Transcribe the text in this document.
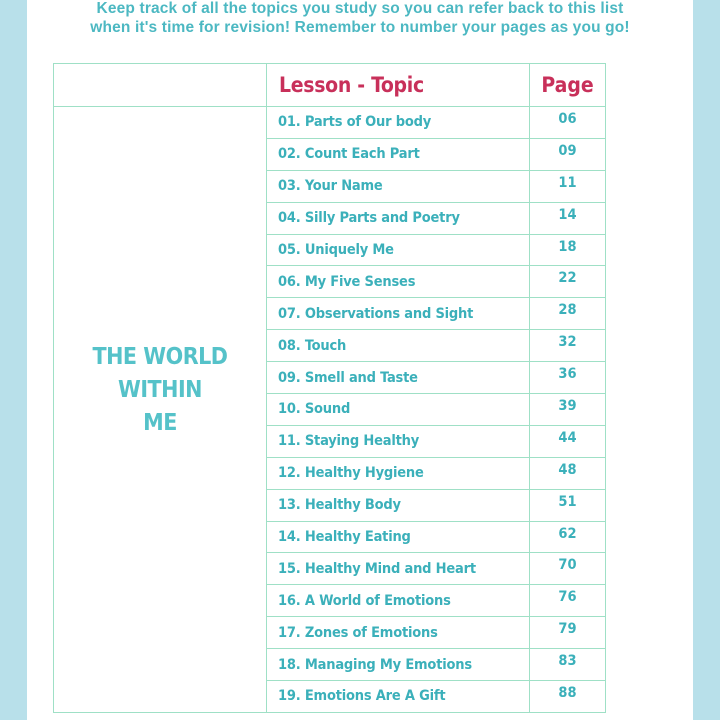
Keep track of all the topics you study so you can refer back to this list
when it's time for revision! Remember to number your pages as you go!
	Lesson - Topic	Page

THE WORLD
WITHIN
ME	01. Parts of Our body	06
	02. Count Each Part	09
	03. Your Name	11
	04. Silly Parts and Poetry	14
	05. Uniquely Me	18
	06. My Five Senses	22
	07. Observations and Sight	28
	08. Touch	32
	09. Smell and Taste	36
	10. Sound	39
	11. Staying Healthy	44
	12. Healthy Hygiene	48
	13. Healthy Body	51
	14. Healthy Eating	62
	15. Healthy Mind and Heart	70
	16. A World of Emotions	76
	17. Zones of Emotions	79
	18. Managing My Emotions	83
	19. Emotions Are A Gift	88
